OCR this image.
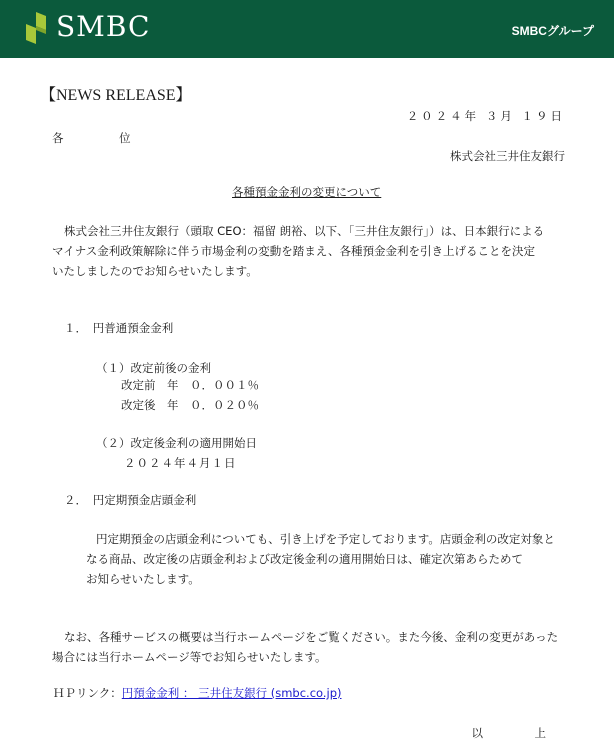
SMBC	SMBCグループ
【NEWS RELEASE】
２０２４年 ３月 １９日
各　位
株式会社三井住友銀行
各種預金金利の変更について
株式会社三井住友銀行（頭取 CEO：福留 朗裕、以下、「三井住友銀行」）は、日本銀行による
マイナス金利政策解除に伴う市場金利の変動を踏まえ、各種預金金利を引き上げることを決定
いたしましたのでお知らせいたします。
１．　円普通預金金利
（１）改定前後の金利
改定前　年　０．００１％
改定後　年　０．０２０％
（２）改定後金利の適用開始日
２０２４年４月１日
２．　円定期預金店頭金利
円定期預金の店頭金利についても、引き上げを予定しております。店頭金利の改定対象と
なる商品、改定後の店頭金利および改定後金利の適用開始日は、確定次第あらためて
お知らせいたします。
なお、各種サービスの概要は当行ホームページをご覧ください。また今後、金利の変更があった
場合には当行ホームページ等でお知らせいたします。
ＨＰリンク：円預金金利 ： 三井住友銀行 (smbc.co.jp)
以　上
